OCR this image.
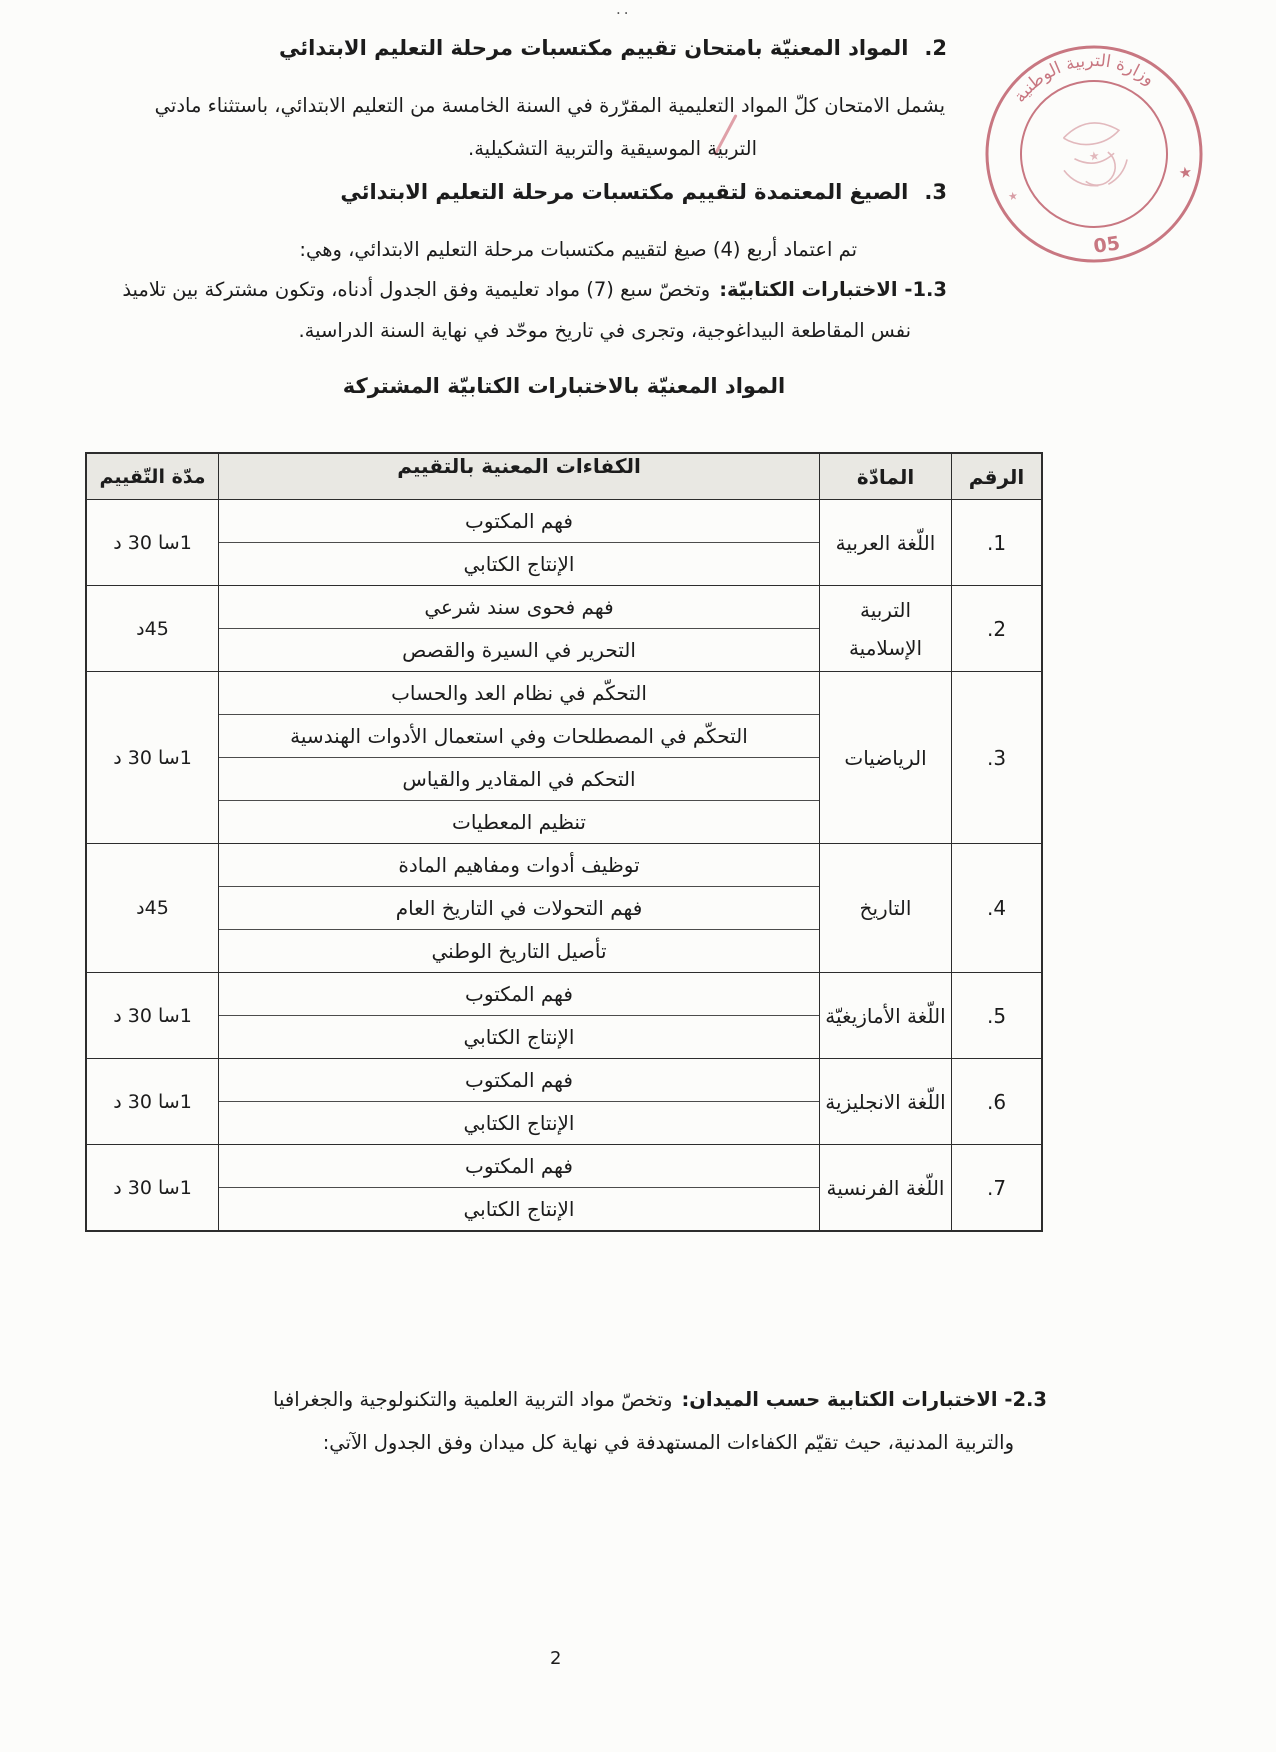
..
وزارة التربية الوطنية
★
★
★
05
2.
المواد المعنيّة بامتحان تقييم مكتسبات مرحلة التعليم الابتدائي
يشمل الامتحان كلّ المواد التعليمية المقرّرة في السنة الخامسة من التعليم الابتدائي، باستثناء مادتي
التربية الموسيقية والتربية التشكيلية.
3.
الصيغ المعتمدة لتقييم مكتسبات مرحلة التعليم الابتدائي
تم اعتماد أربع (4) صيغ لتقييم مكتسبات مرحلة التعليم الابتدائي، وهي:
1.3- الاختبارات الكتابيّة:وتخصّ سبع (7) مواد تعليمية وفق الجدول أدناه، وتكون مشتركة بين تلاميذ
نفس المقاطعة البيداغوجية، وتجرى في تاريخ موحّد في نهاية السنة الدراسية.
المواد المعنيّة بالاختبارات الكتابيّة المشتركة
الرقم
المادّة
الكفاءات المعنية بالتقييم
مدّة التّقييم
1.
اللّغة العربية
فهم المكتوب
الإنتاج الكتابي
1سا 30 د
2.
التربية الإسلامية
فهم فحوى سند شرعي
التحرير في السيرة والقصص
45د
3.
الرياضيات
التحكّم في نظام العد والحساب
التحكّم في المصطلحات وفي استعمال الأدوات الهندسية
التحكم في المقادير والقياس
تنظيم المعطيات
1سا 30 د
4.
التاريخ
توظيف أدوات ومفاهيم المادة
فهم التحولات في التاريخ العام
تأصيل التاريخ الوطني
45د
5.
اللّغة الأمازيغيّة
فهم المكتوب
الإنتاج الكتابي
1سا 30 د
6.
اللّغة الانجليزية
فهم المكتوب
الإنتاج الكتابي
1سا 30 د
7.
اللّغة الفرنسية
فهم المكتوب
الإنتاج الكتابي
1سا 30 د
2.3- الاختبارات الكتابية حسب الميدان:وتخصّ مواد التربية العلمية والتكنولوجية والجغرافيا
والتربية المدنية، حيث تقيّم الكفاءات المستهدفة في نهاية كل ميدان وفق الجدول الآتي:
2
